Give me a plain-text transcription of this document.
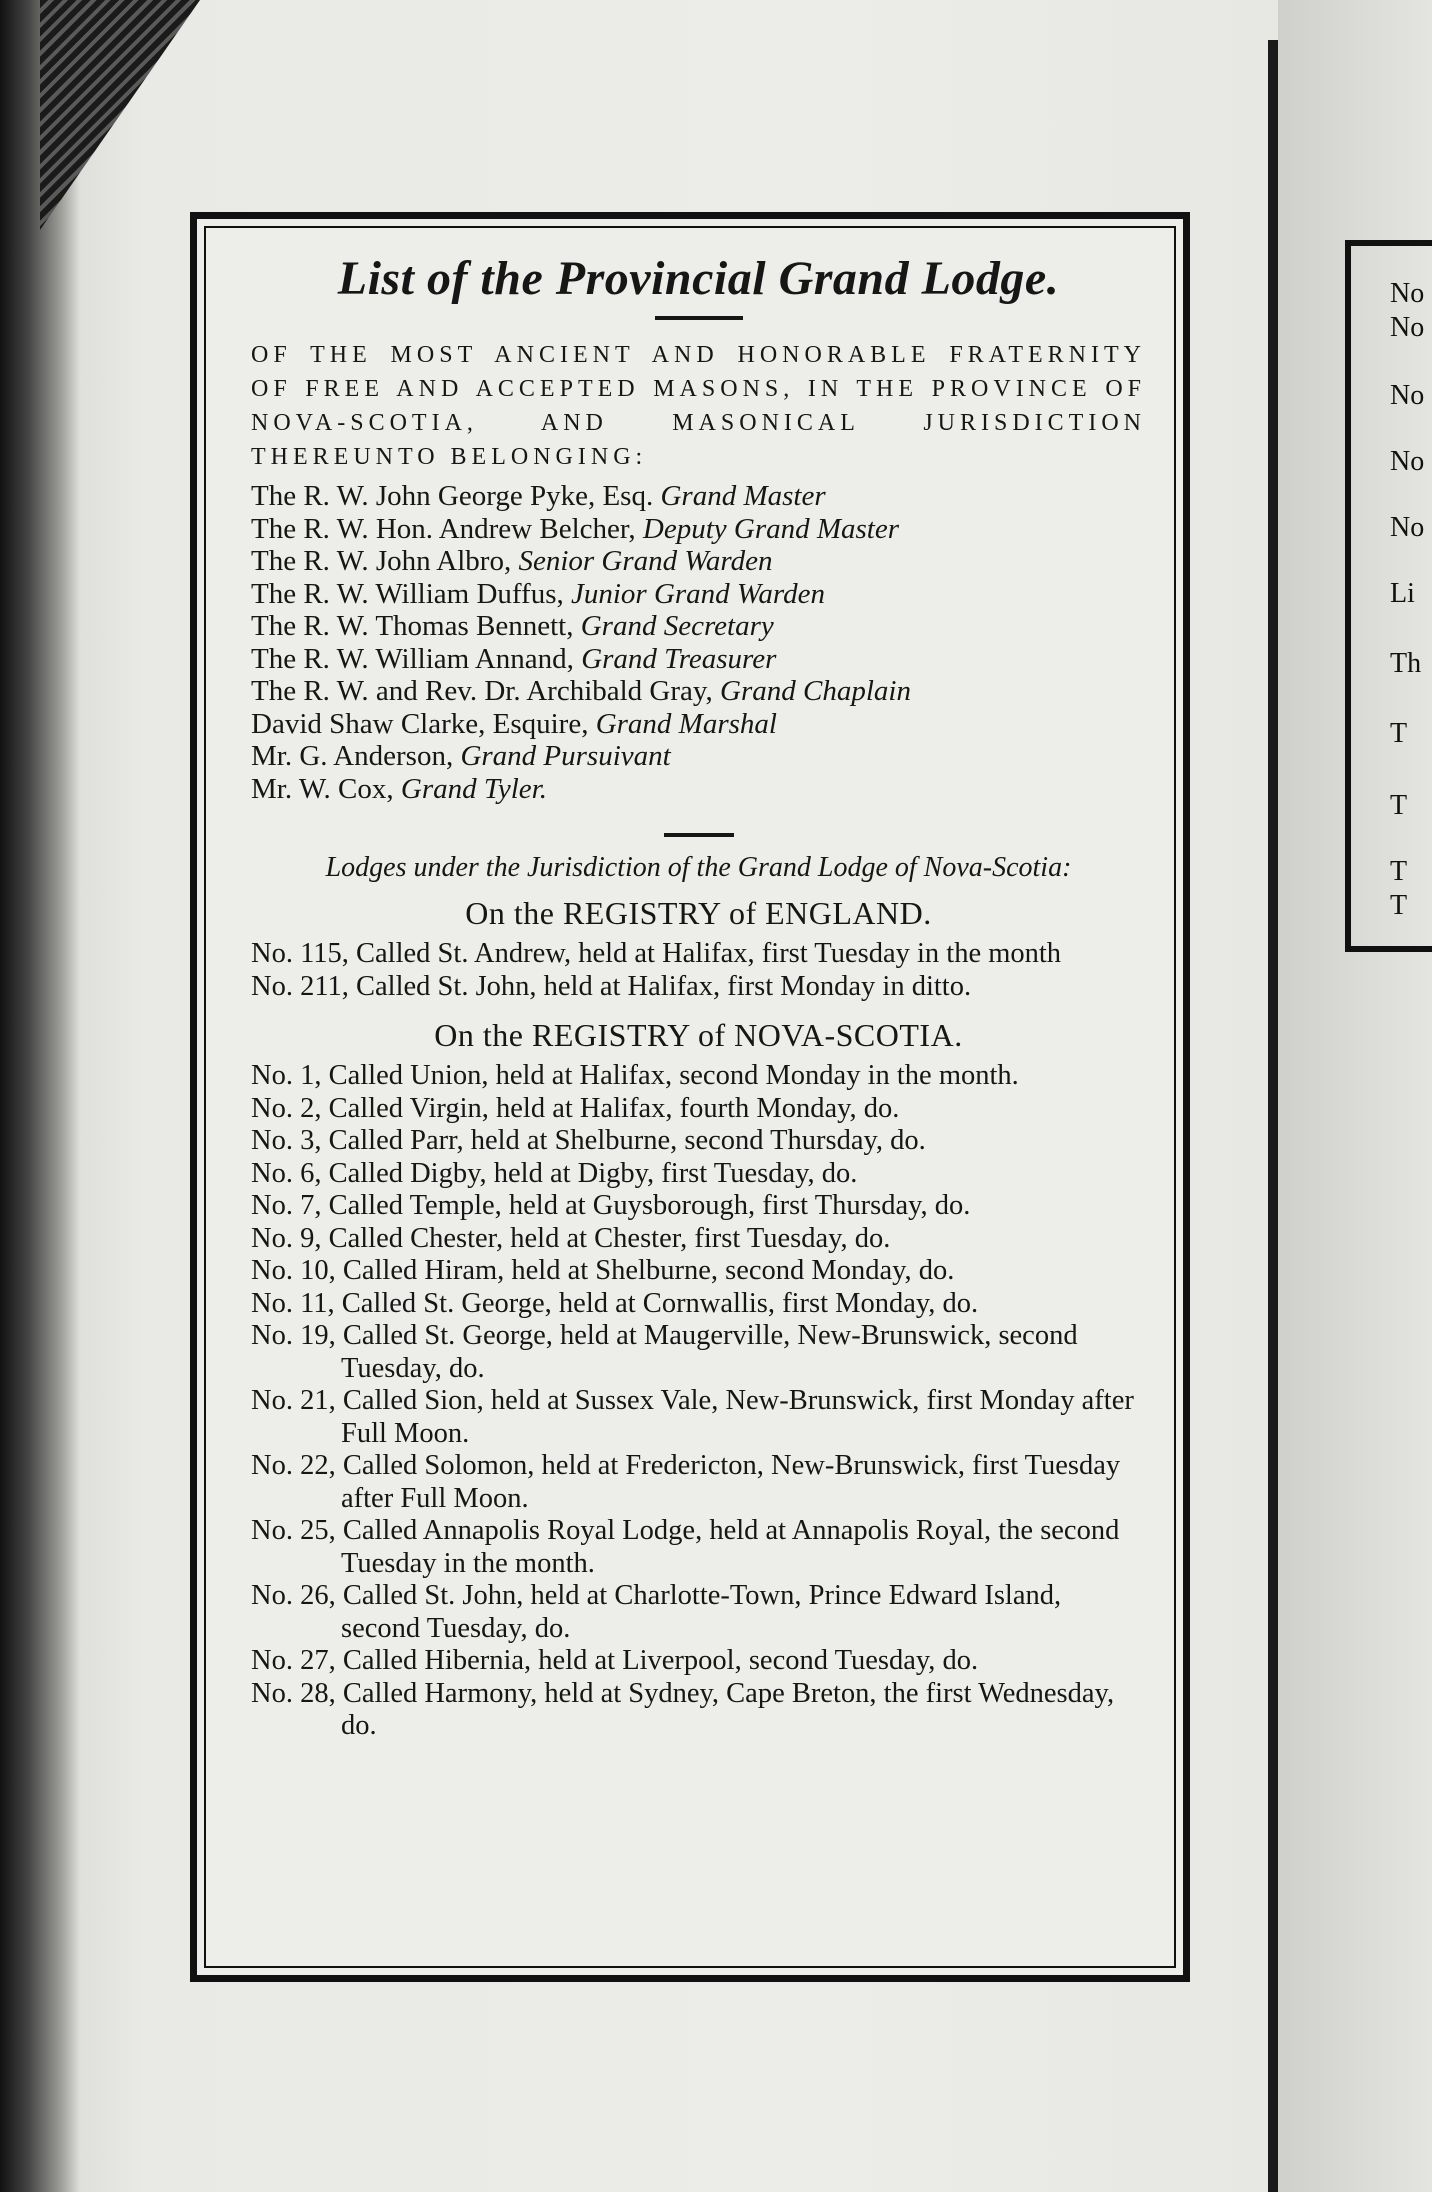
No
No
No
No
No
Li
Th
T
T
T
T
List of the Provincial Grand Lodge.

OF THE MOST ANCIENT AND HONORABLE FRATERNITY OF FREE AND ACCEPTED MASONS, IN THE PROVINCE OF NOVA-SCOTIA, AND MASONICAL JURISDICTION THEREUNTO BELONGING:

The R. W. John George Pyke, Esq. Grand Master
The R. W. Hon. Andrew Belcher, Deputy Grand Master
The R. W. John Albro, Senior Grand Warden
The R. W. William Duffus, Junior Grand Warden
The R. W. Thomas Bennett, Grand Secretary
The R. W. William Annand, Grand Treasurer
The R. W. and Rev. Dr. Archibald Gray, Grand Chaplain
David Shaw Clarke, Esquire, Grand Marshal
Mr. G. Anderson, Grand Pursuivant
Mr. W. Cox, Grand Tyler.

Lodges under the Jurisdiction of the Grand Lodge of Nova-Scotia:

On the REGISTRY of ENGLAND.

No. 115, Called St. Andrew, held at Halifax, first Tuesday in the month
No. 211, Called St. John, held at Halifax, first Monday in ditto.

On the REGISTRY of NOVA-SCOTIA.

No. 1, Called Union, held at Halifax, second Monday in the month.
No. 2, Called Virgin, held at Halifax, fourth Monday, do.
No. 3, Called Parr, held at Shelburne, second Thursday, do.
No. 6, Called Digby, held at Digby, first Tuesday, do.
No. 7, Called Temple, held at Guysborough, first Thursday, do.
No. 9, Called Chester, held at Chester, first Tuesday, do.
No. 10, Called Hiram, held at Shelburne, second Monday, do.
No. 11, Called St. George, held at Cornwallis, first Monday, do.
No. 19, Called St. George, held at Maugerville, New-Brunswick, second Tuesday, do.
No. 21, Called Sion, held at Sussex Vale, New-Brunswick, first Monday after Full Moon.
No. 22, Called Solomon, held at Fredericton, New-Brunswick, first Tuesday after Full Moon.
No. 25, Called Annapolis Royal Lodge, held at Annapolis Royal, the second Tuesday in the month.
No. 26, Called St. John, held at Charlotte-Town, Prince Edward Island, second Tuesday, do.
No. 27, Called Hibernia, held at Liverpool, second Tuesday, do.
No. 28, Called Harmony, held at Sydney, Cape Breton, the first Wednesday, do.
